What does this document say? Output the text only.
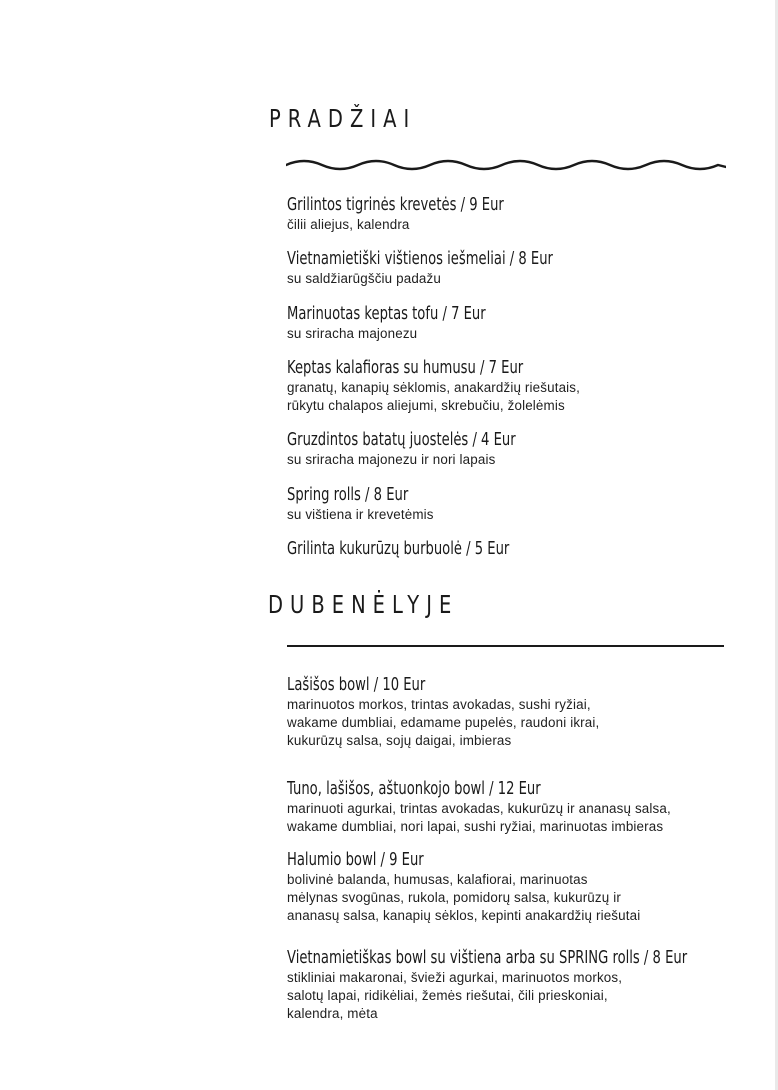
PRADŽIAI
Grilintos tigrinės krevetės / 9 Eur
čilii aliejus, kalendra
Vietnamietiški vištienos iešmeliai / 8 Eur
su saldžiarūgščiu padažu
Marinuotas keptas tofu / 7 Eur
su sriracha majonezu
Keptas kalafioras su humusu / 7 Eur
granatų, kanapių sėklomis, anakardžių riešutais,
rūkytu chalapos aliejumi, skrebučiu, žolelėmis
Gruzdintos batatų juostelės / 4 Eur
su sriracha majonezu ir nori lapais
Spring rolls / 8 Eur
su vištiena ir krevetėmis
Grilinta kukurūzų burbuolė / 5 Eur
DUBENĖLYJE
Lašišos bowl / 10 Eur
marinuotos morkos, trintas avokadas, sushi ryžiai,
wakame dumbliai, edamame pupelės, raudoni ikrai,
kukurūzų salsa, sojų daigai, imbieras
Tuno, lašišos, aštuonkojo bowl / 12 Eur
marinuoti agurkai, trintas avokadas, kukurūzų ir ananasų salsa,
wakame dumbliai, nori lapai, sushi ryžiai, marinuotas imbieras
Halumio bowl / 9 Eur
bolivinė balanda, humusas, kalafiorai, marinuotas
mėlynas svogūnas, rukola, pomidorų salsa, kukurūzų ir
ananasų salsa, kanapių sėklos, kepinti anakardžių riešutai
Vietnamietiškas bowl su vištiena arba su SPRING rolls / 8 Eur
stikliniai makaronai, švieži agurkai, marinuotos morkos,
salotų lapai, ridikėliai, žemės riešutai, čili prieskoniai,
kalendra, mėta
